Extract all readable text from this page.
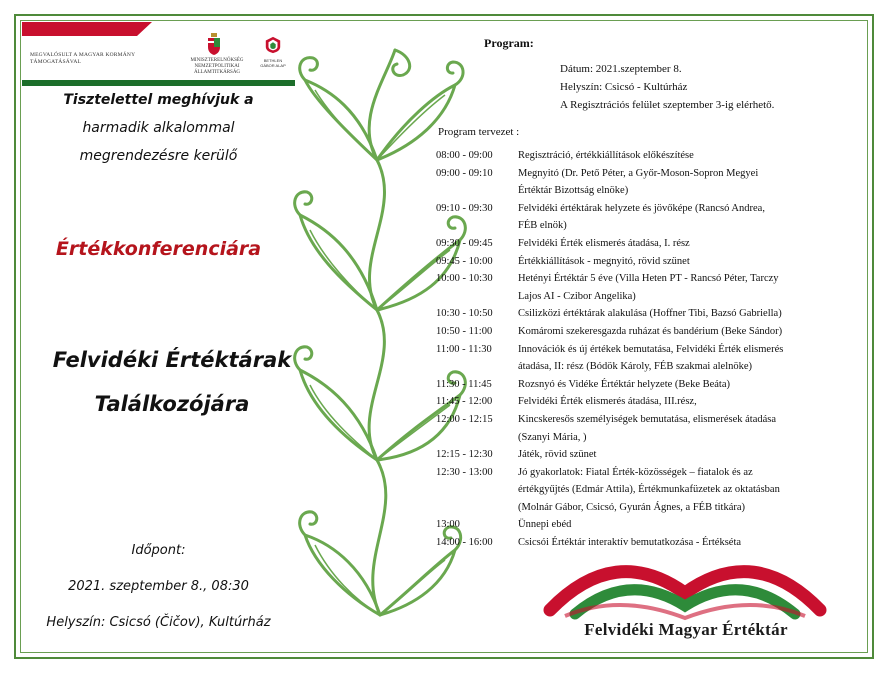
MEGVALÓSULT A MAGYAR KORMÁNY TÁMOGATÁSÁVAL	MINISZTERELNÖKSÉG NEMZETPOLITIKAI ÁLLAMTITKÁRSÁG
BETHLEN GÁBOR ALAP
Tisztelettel meghívjuk a
harmadik alkalommal
megrendezésre kerülő
Értékkonferenciára
Felvidéki Értéktárak
Találkozójára
Időpont:
2021. szeptember 8., 08:30
Helyszín: Csicsó (Čičov), Kultúrház
Program:
Dátum: 2021.szeptember 8.
Helyszín: Csicsó - Kultúrház
A Regisztrációs felület szeptember 3-ig elérhető.
Program tervezet :
08:00 - 09:00	Regisztráció, értékkiállítások előkészítése
09:00 - 09:10	Megnyitó (Dr. Pető Péter, a Győr-Moson-Sopron Megyei
Értéktár Bizottság elnöke)
09:10 - 09:30	Felvidéki értéktárak helyzete és jövőképe (Rancsó Andrea,
FÉB elnök)
09:30 - 09:45	Felvidéki Érték elismerés átadása, I. rész
09:45 - 10:00	Értékkiállítások - megnyitó, rövid szünet
10:00 - 10:30	Hetényi Értéktár 5 éve (Villa Heten PT - Rancsó Péter, Tarczy
Lajos AI - Czibor Angelika)
10:30 - 10:50	Csilizközi értéktárak alakulása (Hoffner Tibi, Bazsó Gabriella)
10:50 - 11:00	Komáromi szekeresgazda ruházat és bandérium (Beke Sándor)
11:00 - 11:30	Innovációk és új értékek bemutatása, Felvidéki Érték elismerés
átadása, II: rész (Bódök Károly, FÉB szakmai alelnöke)
11:30 - 11:45	Rozsnyó és Vidéke Értéktár helyzete (Beke Beáta)
11:45 - 12:00	Felvidéki Érték elismerés átadása, III.rész,
12:00 - 12:15	Kincskeresős személyiségek bemutatása, elismerések átadása
(Szanyi Mária, )
12:15 - 12:30	Játék, rövid szünet
12:30 - 13:00	Jó gyakorlatok: Fiatal Érték-közösségek – fiatalok és az
értékgyűjtés (Edmár Attila), Értékmunkafüzetek az oktatásban
(Molnár Gábor, Csicsó, Gyurán Ágnes, a FÉB titkára)
13:00	Ünnepi ebéd
14:00 - 16:00	Csicsói Értéktár interaktív bemutatkozása - Értékséta
Felvidéki Magyar Értéktár
